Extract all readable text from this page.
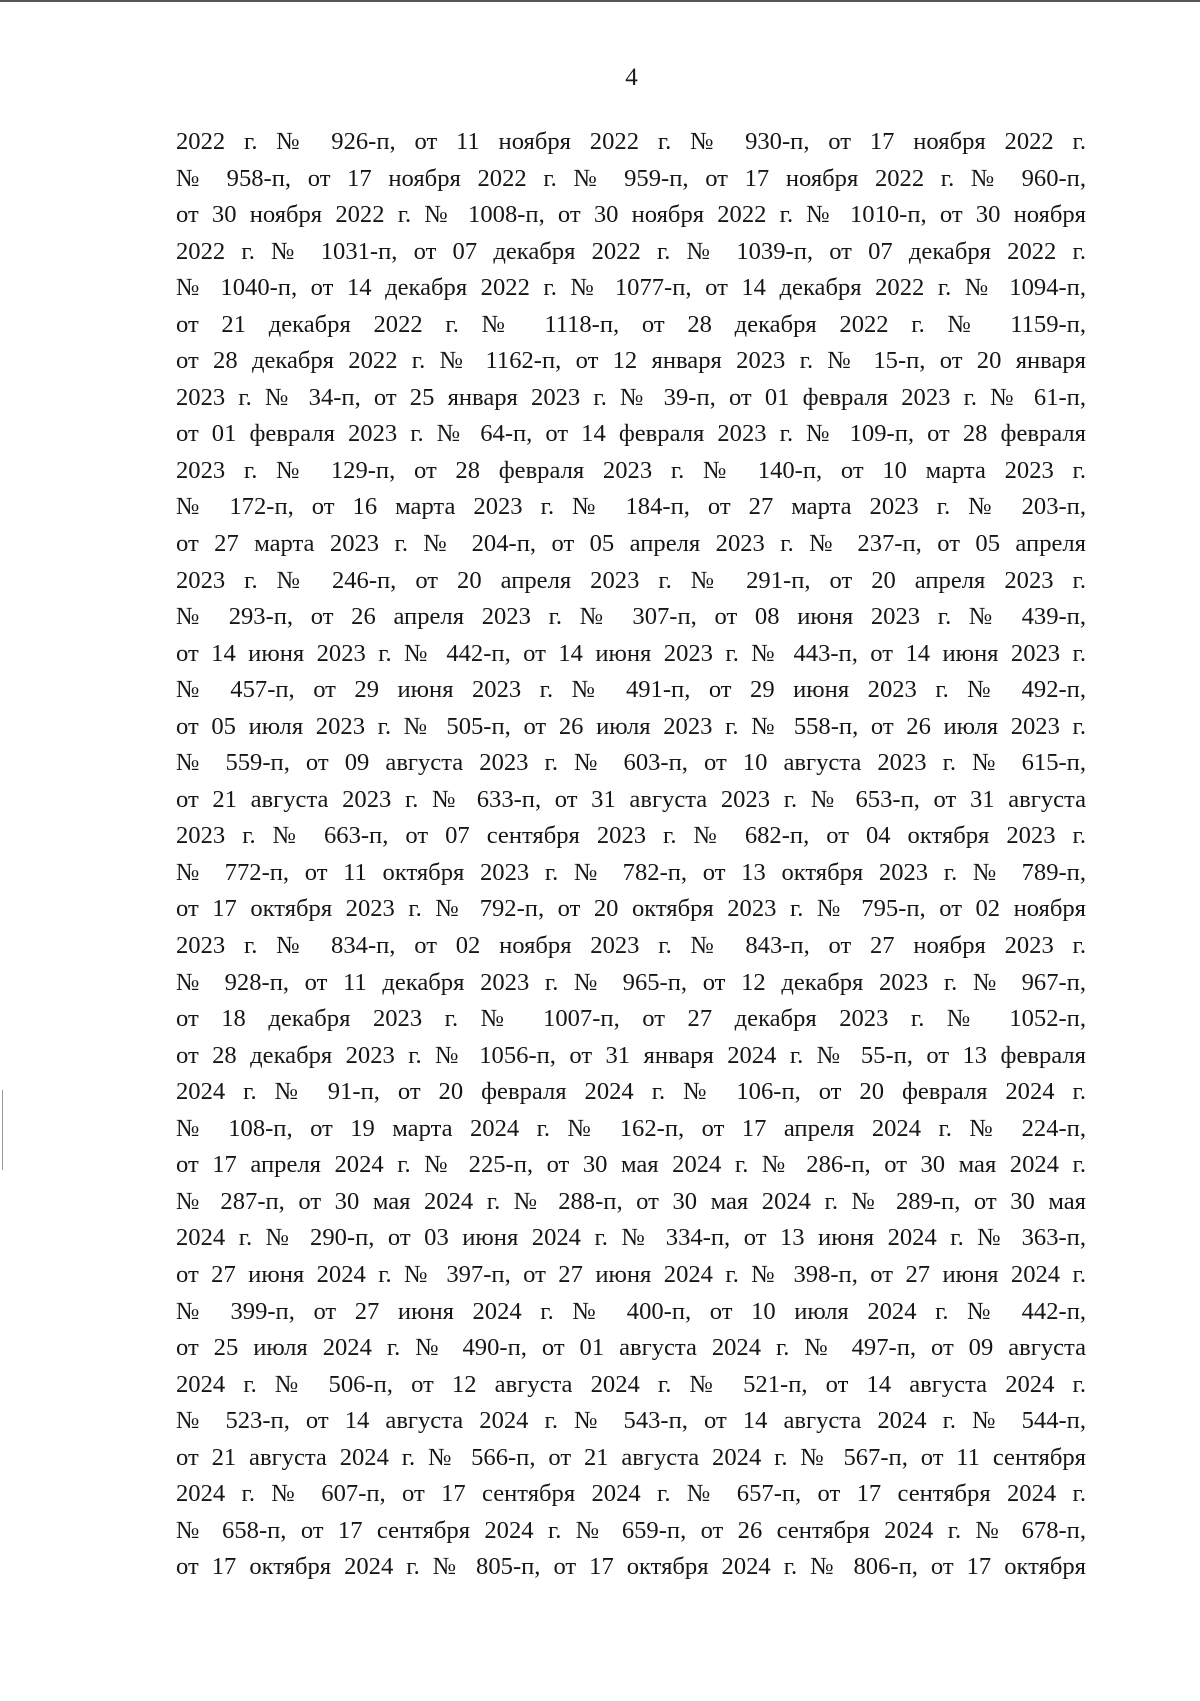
4
2022 г. № 926-п, от 11 ноября 2022 г. № 930-п, от 17 ноября 2022 г.
№ 958-п, от 17 ноября 2022 г. № 959-п, от 17 ноября 2022 г. № 960-п,
от 30 ноября 2022 г. № 1008-п, от 30 ноября 2022 г. № 1010-п, от 30 ноября
2022 г. № 1031-п, от 07 декабря 2022 г. № 1039-п, от 07 декабря 2022 г.
№ 1040-п, от 14 декабря 2022 г. № 1077-п, от 14 декабря 2022 г. № 1094-п,
от 21 декабря 2022 г. № 1118-п, от 28 декабря 2022 г. № 1159-п,
от 28 декабря 2022 г. № 1162-п, от 12 января 2023 г. № 15-п, от 20 января
2023 г. № 34-п, от 25 января 2023 г. № 39-п, от 01 февраля 2023 г. № 61-п,
от 01 февраля 2023 г. № 64-п, от 14 февраля 2023 г. № 109-п, от 28 февраля
2023 г. № 129-п, от 28 февраля 2023 г. № 140-п, от 10 марта 2023 г.
№ 172-п, от 16 марта 2023 г. № 184-п, от 27 марта 2023 г. № 203-п,
от 27 марта 2023 г. № 204-п, от 05 апреля 2023 г. № 237-п, от 05 апреля
2023 г. № 246-п, от 20 апреля 2023 г. № 291-п, от 20 апреля 2023 г.
№ 293-п, от 26 апреля 2023 г. № 307-п, от 08 июня 2023 г. № 439-п,
от 14 июня 2023 г. № 442-п, от 14 июня 2023 г. № 443-п, от 14 июня 2023 г.
№ 457-п, от 29 июня 2023 г. № 491-п, от 29 июня 2023 г. № 492-п,
от 05 июля 2023 г. № 505-п, от 26 июля 2023 г. № 558-п, от 26 июля 2023 г.
№ 559-п, от 09 августа 2023 г. № 603-п, от 10 августа 2023 г. № 615-п,
от 21 августа 2023 г. № 633-п, от 31 августа 2023 г. № 653-п, от 31 августа
2023 г. № 663-п, от 07 сентября 2023 г. № 682-п, от 04 октября 2023 г.
№ 772-п, от 11 октября 2023 г. № 782-п, от 13 октября 2023 г. № 789-п,
от 17 октября 2023 г. № 792-п, от 20 октября 2023 г. № 795-п, от 02 ноября
2023 г. № 834-п, от 02 ноября 2023 г. № 843-п, от 27 ноября 2023 г.
№ 928-п, от 11 декабря 2023 г. № 965-п, от 12 декабря 2023 г. № 967-п,
от 18 декабря 2023 г. № 1007-п, от 27 декабря 2023 г. № 1052-п,
от 28 декабря 2023 г. № 1056-п, от 31 января 2024 г. № 55-п, от 13 февраля
2024 г. № 91-п, от 20 февраля 2024 г. № 106-п, от 20 февраля 2024 г.
№ 108-п, от 19 марта 2024 г. № 162-п, от 17 апреля 2024 г. № 224-п,
от 17 апреля 2024 г. № 225-п, от 30 мая 2024 г. № 286-п, от 30 мая 2024 г.
№ 287-п, от 30 мая 2024 г. № 288-п, от 30 мая 2024 г. № 289-п, от 30 мая
2024 г. № 290-п, от 03 июня 2024 г. № 334-п, от 13 июня 2024 г. № 363-п,
от 27 июня 2024 г. № 397-п, от 27 июня 2024 г. № 398-п, от 27 июня 2024 г.
№ 399-п, от 27 июня 2024 г. № 400-п, от 10 июля 2024 г. № 442-п,
от 25 июля 2024 г. № 490-п, от 01 августа 2024 г. № 497-п, от 09 августа
2024 г. № 506-п, от 12 августа 2024 г. № 521-п, от 14 августа 2024 г.
№ 523-п, от 14 августа 2024 г. № 543-п, от 14 августа 2024 г. № 544-п,
от 21 августа 2024 г. № 566-п, от 21 августа 2024 г. № 567-п, от 11 сентября
2024 г. № 607-п, от 17 сентября 2024 г. № 657-п, от 17 сентября 2024 г.
№ 658-п, от 17 сентября 2024 г. № 659-п, от 26 сентября 2024 г. № 678-п,
от 17 октября 2024 г. № 805-п, от 17 октября 2024 г. № 806-п, от 17 октября
